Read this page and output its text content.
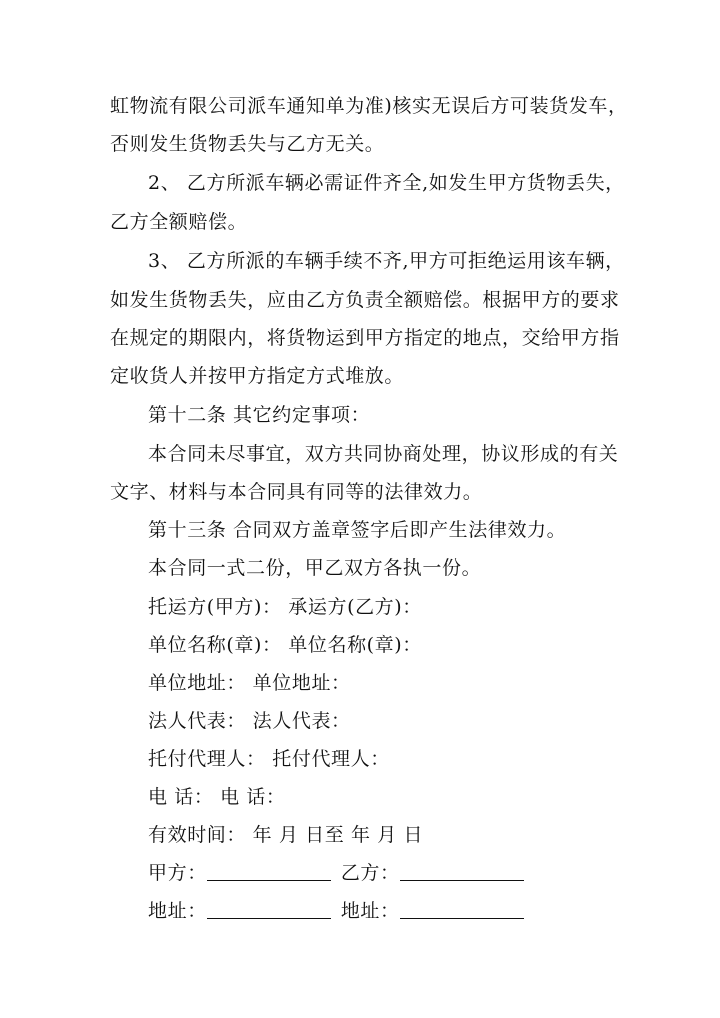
虹物流有限公司派车通知单为准)核实无误后方可装货发车，
否则发生货物丢失与乙方无关。
2、 乙方所派车辆必需证件齐全,如发生甲方货物丢失，
乙方全额赔偿。
3、 乙方所派的车辆手续不齐,甲方可拒绝运用该车辆，
如发生货物丢失，应由乙方负责全额赔偿。根据甲方的要求
在规定的期限内，将货物运到甲方指定的地点，交给甲方指
定收货人并按甲方指定方式堆放。
第十二条 其它约定事项：
本合同未尽事宜，双方共同协商处理，协议形成的有关
文字、材料与本合同具有同等的法律效力。
第十三条 合同双方盖章签字后即产生法律效力。
本合同一式二份，甲乙双方各执一份。
托运方(甲方)： 承运方(乙方)：
单位名称(章)： 单位名称(章)：
单位地址： 单位地址：
法人代表： 法人代表：
托付代理人： 托付代理人：
电 话： 电 话：
有效时间： 年 月 日至 年 月 日
甲方：	乙方：
地址：	地址：
